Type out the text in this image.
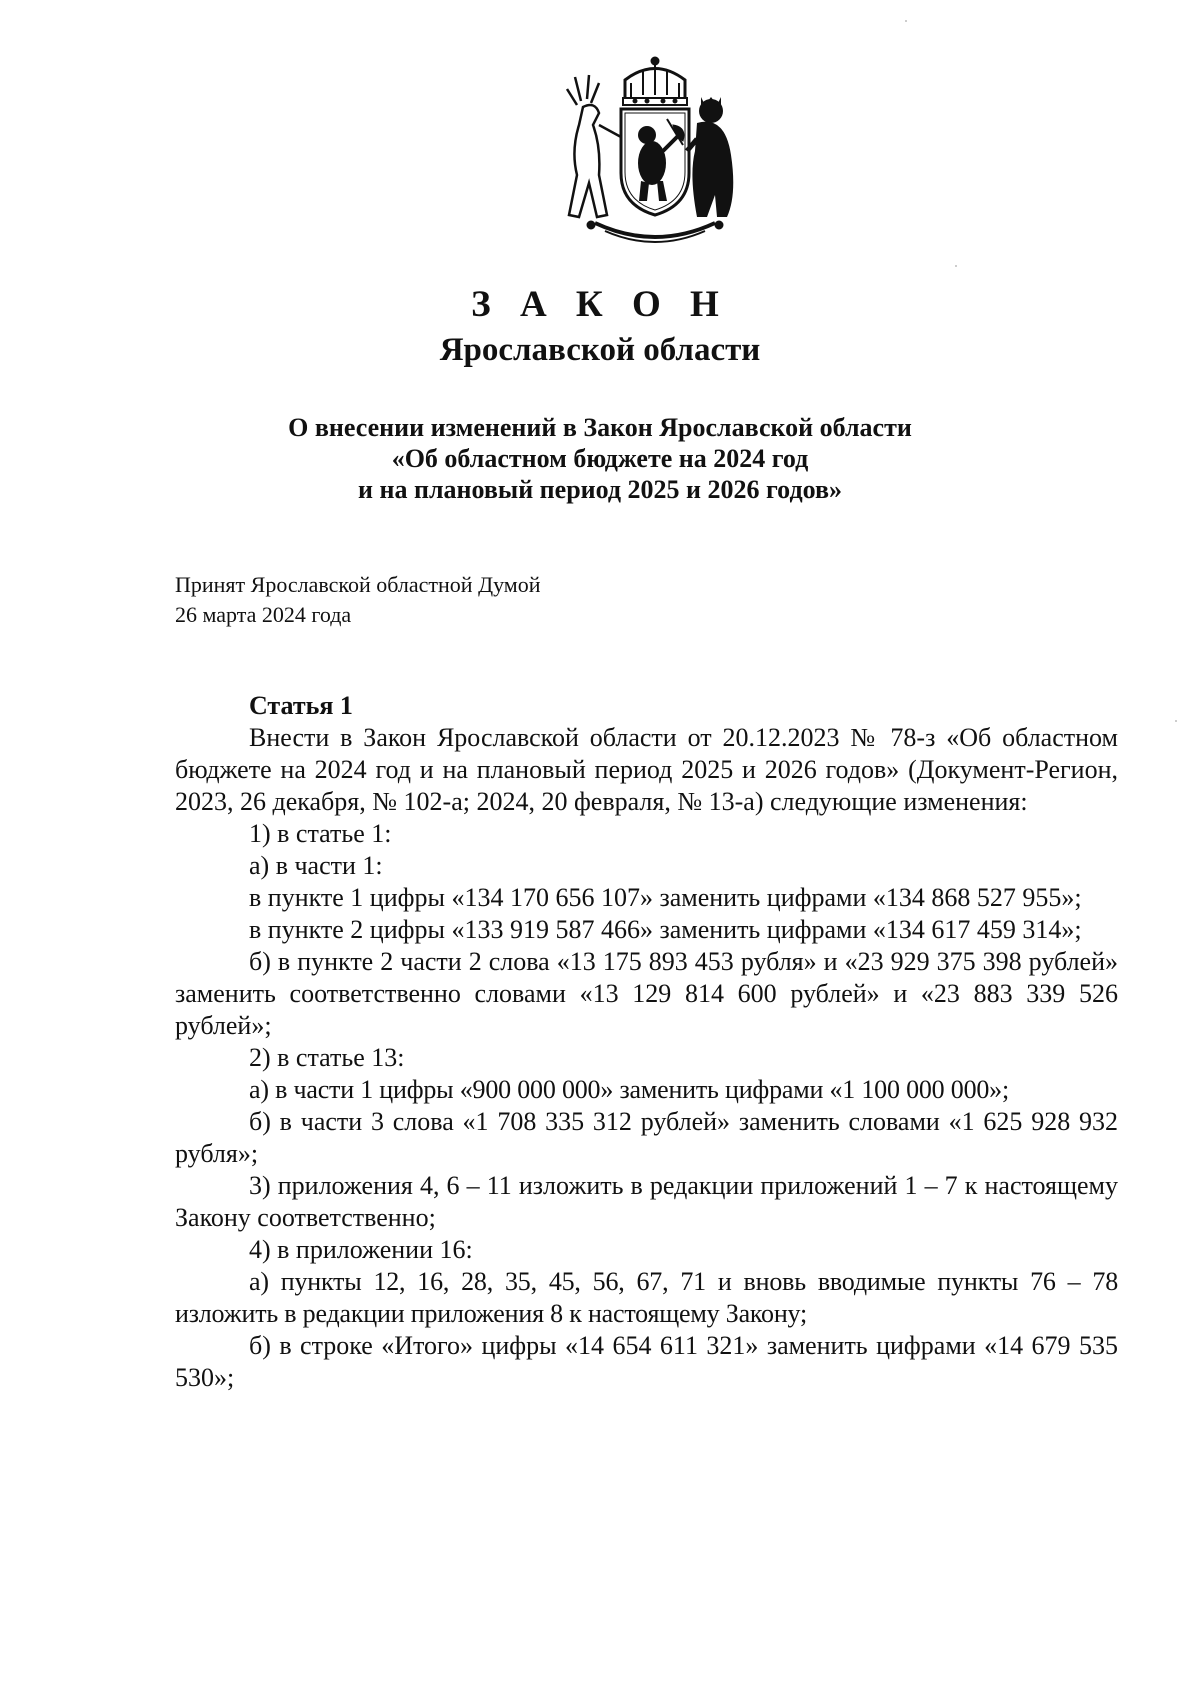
З А К О Н
Ярославской области
О внесении изменений в Закон Ярославской области
«Об областном бюджете на 2024 год
и на плановый период 2025 и 2026 годов»
Принят Ярославской областной Думой
26 марта 2024 года
Статья 1

Внести в Закон Ярославской области от 20.12.2023 № 78-з «Об областном бюджете на 2024 год и на плановый период 2025 и 2026 годов» (Документ-Регион, 2023, 26 декабря, № 102-а; 2024, 20 февраля, № 13-а) следующие изменения:

1) в статье 1:

а) в части 1:

в пункте 1 цифры «134 170 656 107» заменить цифрами «134 868 527 955»;

в пункте 2 цифры «133 919 587 466» заменить цифрами «134 617 459 314»;

б) в пункте 2 части 2 слова «13 175 893 453 рубля» и «23 929 375 398 рублей» заменить соответственно словами «13 129 814 600 рублей» и «23 883 339 526 рублей»;

2) в статье 13:

а) в части 1 цифры «900 000 000» заменить цифрами «1 100 000 000»;

б) в части 3 слова «1 708 335 312 рублей» заменить словами «1 625 928 932 рубля»;

3) приложения 4, 6 – 11 изложить в редакции приложений 1 – 7 к настоящему Закону соответственно;

4) в приложении 16:

а) пункты 12, 16, 28, 35, 45, 56, 67, 71 и вновь вводимые пункты 76 – 78 изложить в редакции приложения 8 к настоящему Закону;

б) в строке «Итого» цифры «14 654 611 321» заменить цифрами «14 679 535 530»;
